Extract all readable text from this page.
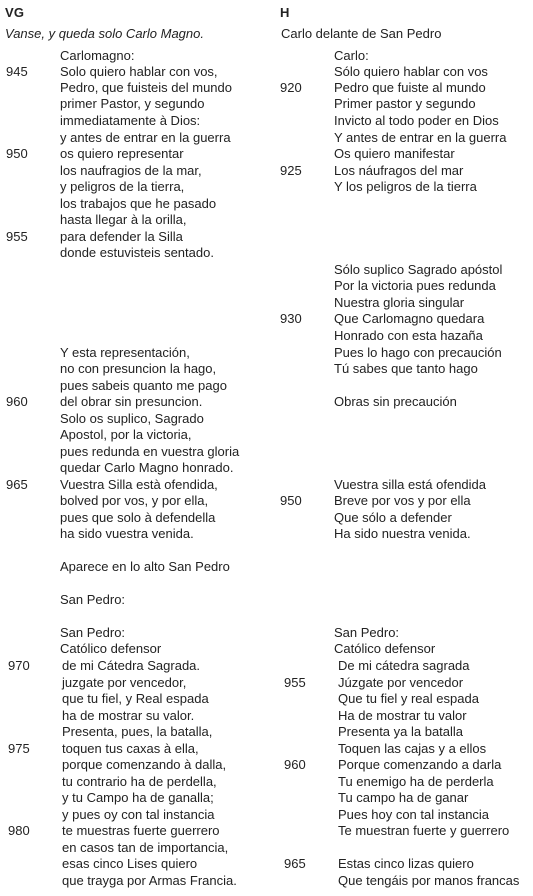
VG
Vanse, y queda solo Carlo Magno.
Carlomagno:
Solo quiero hablar con vos,
Pedro, que fuisteis del mundo
primer Pastor, y segundo
immediatamente à Dios:
y antes de entrar en la guerra
os quiero representar
los naufragios de la mar,
y peligros de la tierra,
los trabajos que he pasado
hasta llegar à la orilla,
para defender la Silla
donde estuvisteis sentado.
Y esta representación,
no con presuncion la hago,
pues sabeis quanto me pago
del obrar sin presuncion.
Solo os suplico, Sagrado
Apostol, por la victoria,
pues redunda en vuestra gloria
quedar Carlo Magno honrado.
Vuestra Silla està ofendida,
bolved por vos, y por ella,
pues que solo à defendella
ha sido vuestra venida.
Aparece en lo alto San Pedro
San Pedro:
San Pedro:
Católico defensor
de mi Cátedra Sagrada.
juzgate por vencedor,
que tu fiel, y Real espada
ha de mostrar su valor.
Presenta, pues, la batalla,
toquen tus caxas à ella,
porque comenzando à dalla,
tu contrario ha de perdella,
y tu Campo ha de ganalla;
y pues oy con tal instancia
te muestras fuerte guerrero
en casos tan de importancia,
esas cinco Lises quiero
que trayga por Armas Francia.
945
950
955
960
965
970
975
980
H
Carlo delante de San Pedro
Carlo:
Sólo quiero hablar con vos
Pedro que fuiste al mundo
Primer pastor y segundo
Invicto al todo poder en Dios
Y antes de entrar en la guerra
Os quiero manifestar
Los náufragos del mar
Y los peligros de la tierra
Sólo suplico Sagrado apóstol
Por la victoria pues redunda
Nuestra gloria singular
Que Carlomagno quedara
Honrado con esta hazaña
Pues lo hago con precaución
Tú sabes que tanto hago
Obras sin precaución
Vuestra silla está ofendida
Breve por vos y por ella
Que sólo a defender
Ha sido nuestra venida.
San Pedro:
Católico defensor
De mi cátedra sagrada
Júzgate por vencedor
Que tu fiel y real espada
Ha de mostrar tu valor
Presenta ya la batalla
Toquen las cajas y a ellos
Porque comenzando a darla
Tu enemigo ha de perderla
Tu campo ha de ganar
Pues hoy con tal instancia
Te muestran fuerte y guerrero
Estas cinco lizas quiero
Que tengáis por manos francas
920
925
930
950
955
960
965
